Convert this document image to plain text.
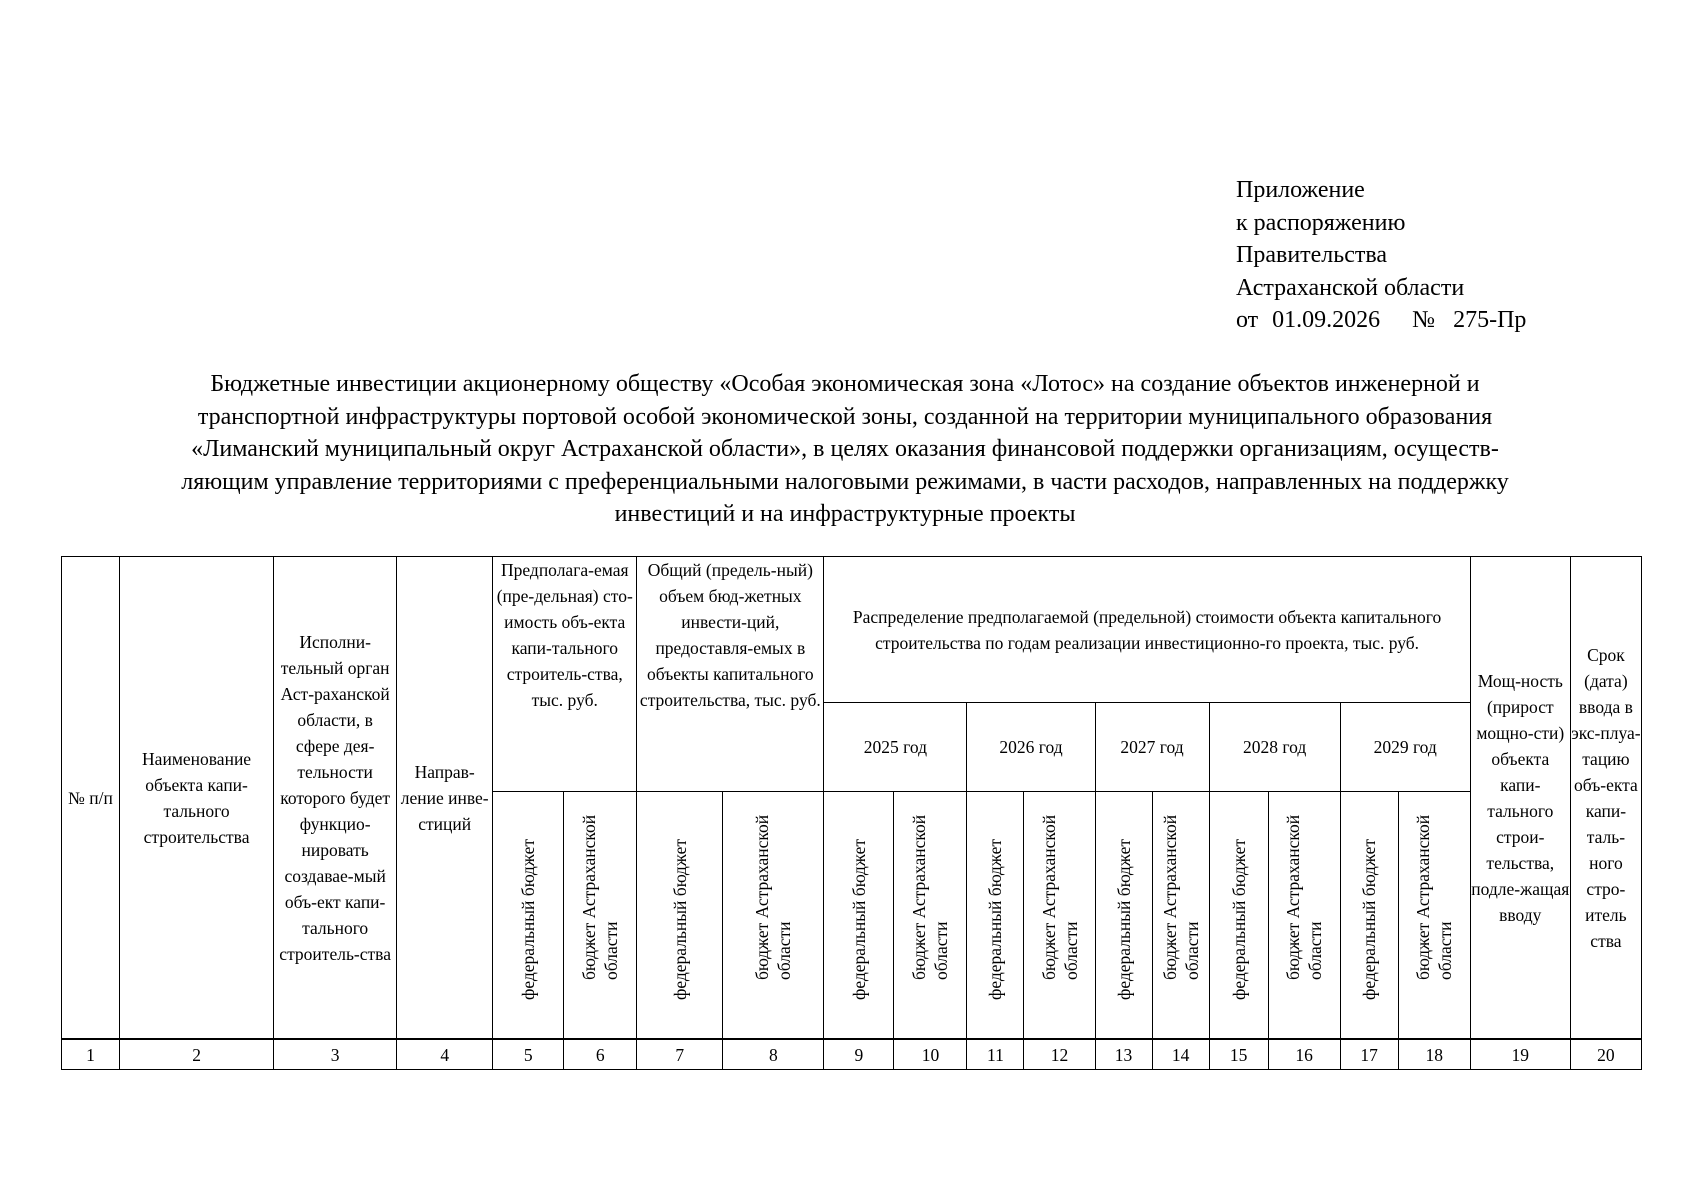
Приложение
к распоряжению
Правительства
Астраханской области
от 01.09.2026 № 275-Пр
Бюджетные инвестиции акционерному обществу «Особая экономическая зона «Лотос» на создание объектов инженерной и
транспортной инфраструктуры портовой особой экономической зоны, созданной на территории муниципального образования
«Лиманский муниципальный округ Астраханской области», в целях оказания финансовой поддержки организациям, осуществ-
ляющим управление территориями с преференциальными налоговыми режимами, в части расходов, направленных на поддержку
инвестиций и на инфраструктурные проекты
№ п/п	Наименование объекта капи-тального строительства	Исполни-тельный орган Аст-раханской области, в сфере дея-тельности которого будет функцио-нировать создавае-мый объ-ект капи-тального строитель-ства	Направ-ление инве-стиций	Предполага-емая (пре-дельная) сто-имость объ-екта капи-тального строитель-ства, тыс. руб.		Общий (предель-ный) объем бюд-жетных инвести-ций, предоставля-емых в объекты капитального строительства, тыс. руб.		Распределение предполагаемой (предельной) стоимости объекта капитального строительства по годам реализации инвестиционно-го проекта, тыс. руб.										Мощ-ность (прирост мощно-сти) объекта капи-тального строи-тельства, подле-жащая вводу	Срок (дата) ввода в экс-плуа-тацию объ-екта капи-таль-ного стро-итель ства
								2025 год		2026 год		2027 год		2028 год		2029 год			

				федеральный бюджет	бюджет Астраханской области	федеральный бюджет	бюджет Астраханской области	федеральный бюджет	бюджет Астраханской области	федеральный бюджет	бюджет Астраханской области	федеральный бюджет	бюджет Астраханской области	федеральный бюджет	бюджет Астраханской области	федеральный бюджет	бюджет Астраханской области		

1	2	3	4	5	6	7	8	9	10	11	12	13	14	15	16	17	18	19	20
